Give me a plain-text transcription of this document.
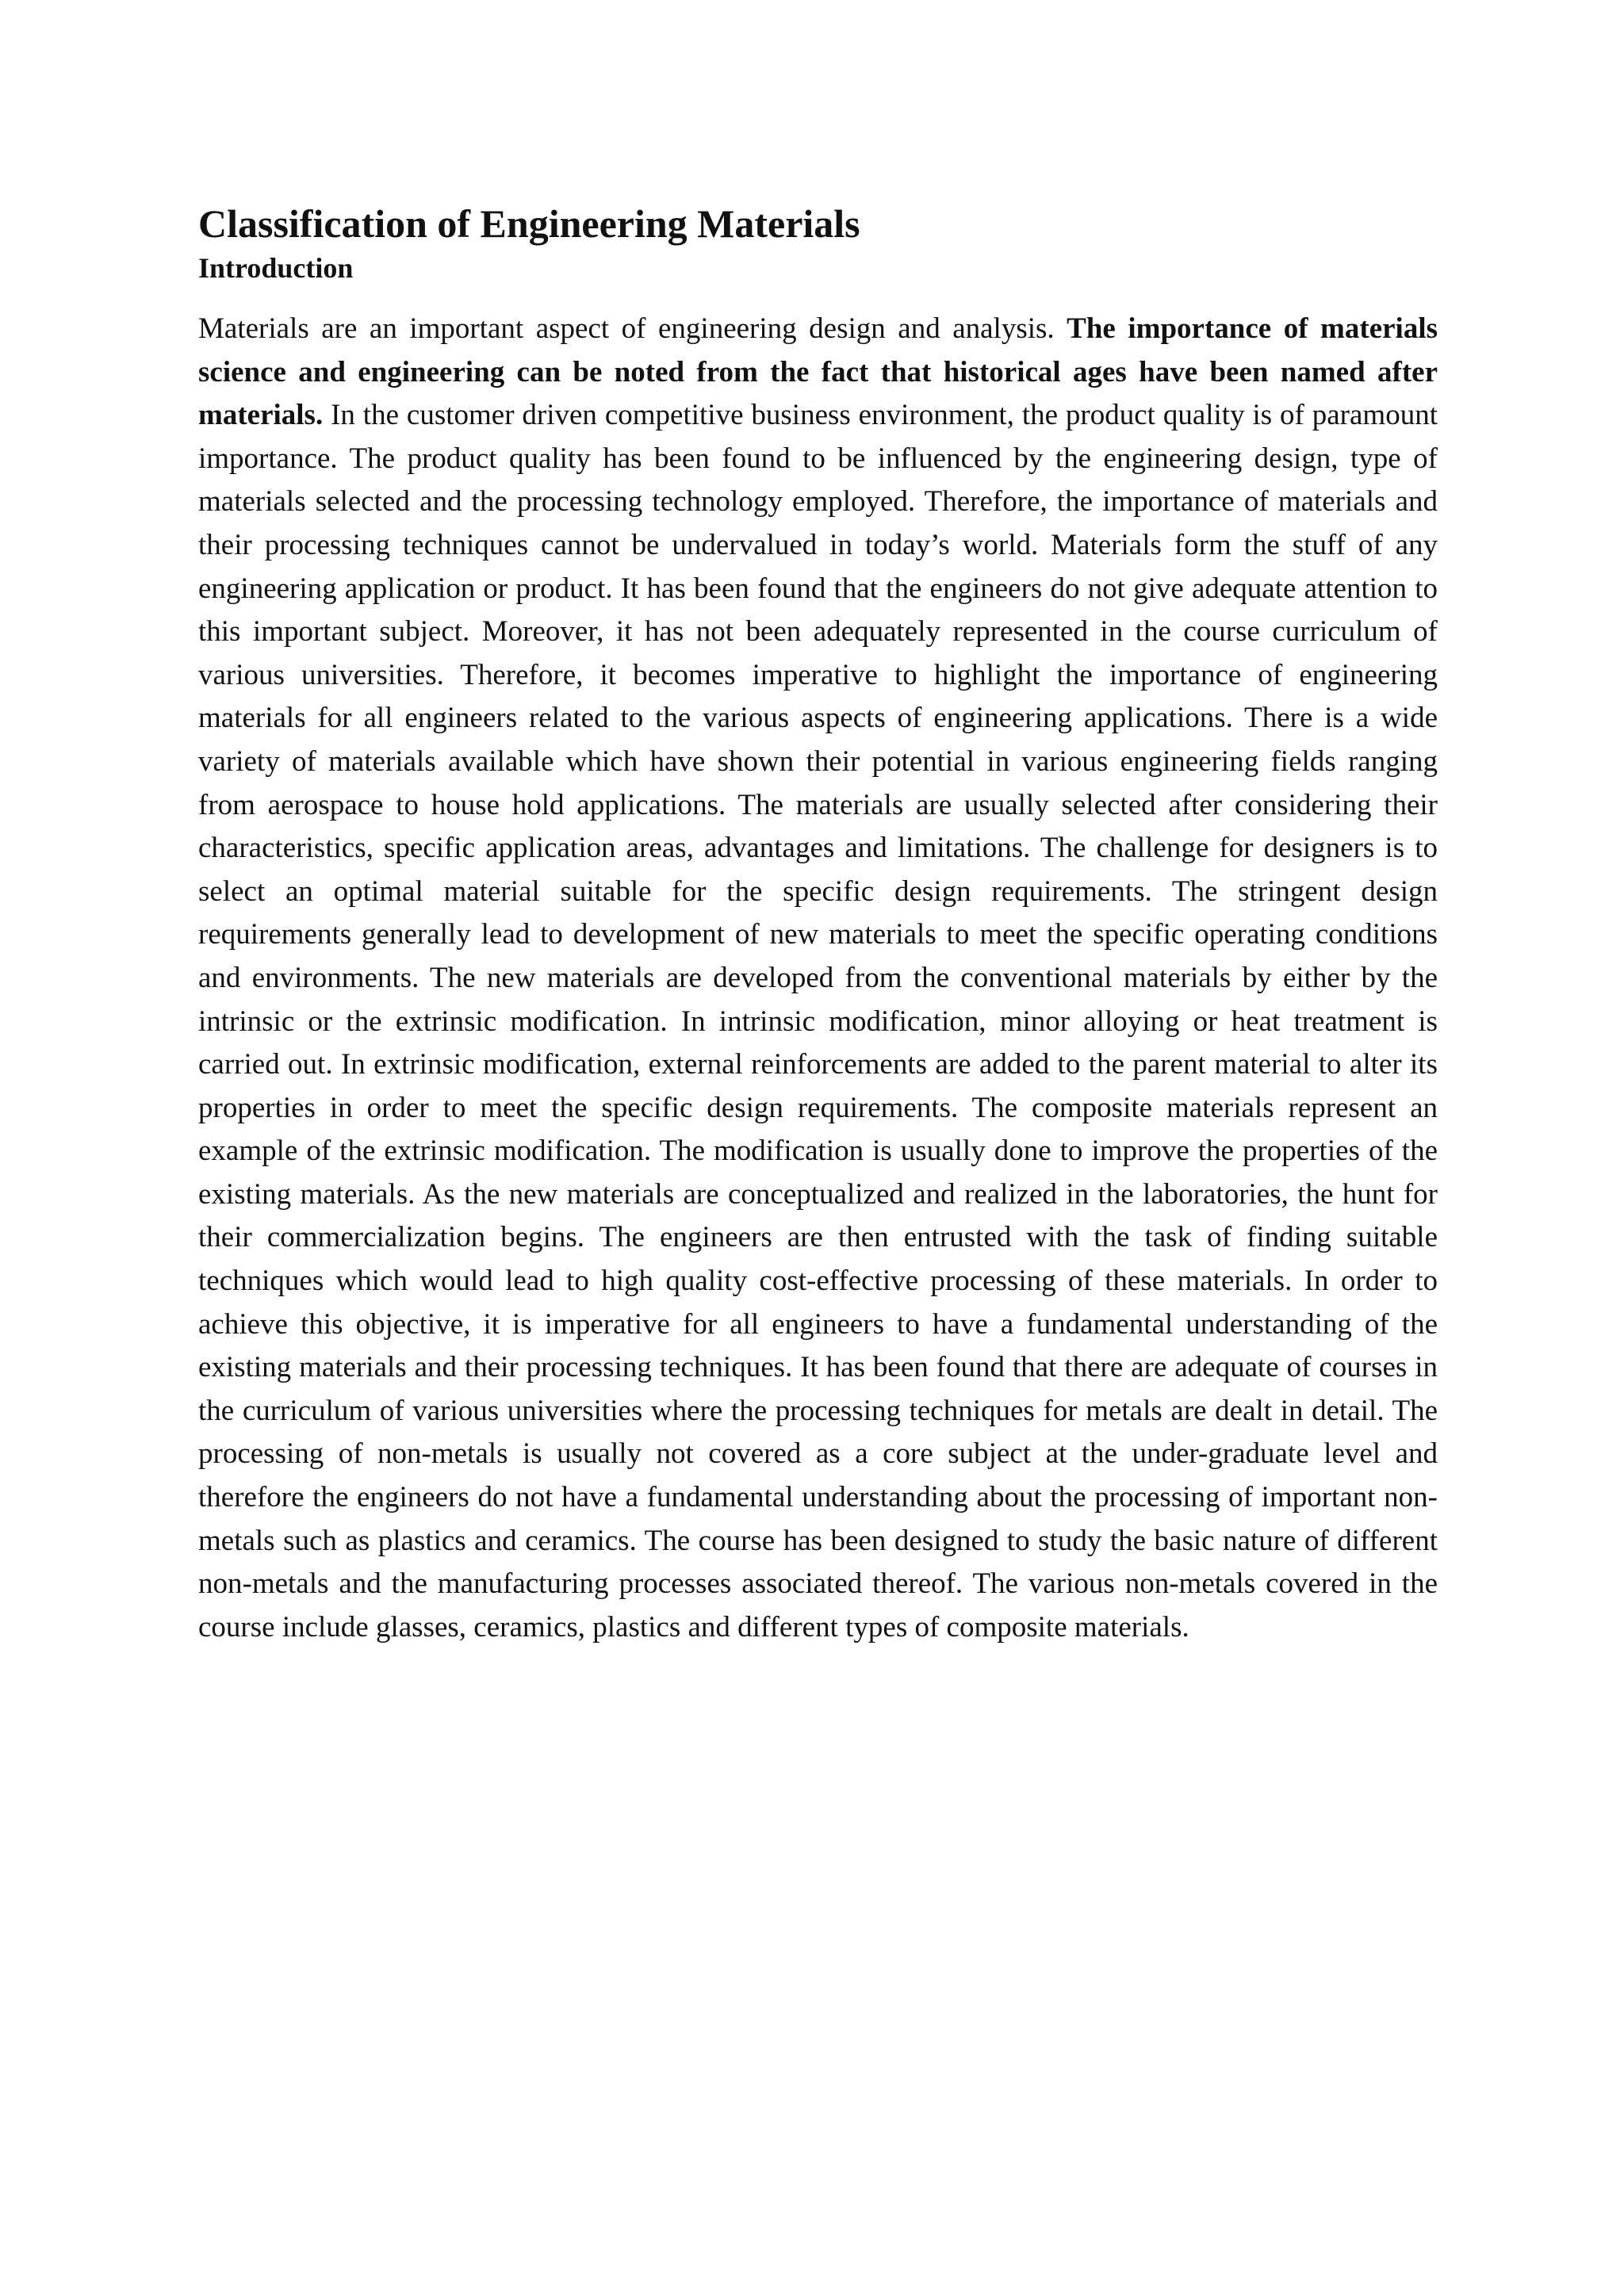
Classification of Engineering Materials
Introduction

Materials are an important aspect of engineering design and analysis. The importance of materials science and engineering can be noted from the fact that historical ages have been named after materials. In the customer driven competitive business environment, the product quality is of paramount importance. The product quality has been found to be influenced by the engineering design, type of materials selected and the processing technology employed. Therefore, the importance of materials and their processing techniques cannot be undervalued in today’s world. Materials form the stuff of any engineering application or product. It has been found that the engineers do not give adequate attention to this important subject. Moreover, it has not been adequately represented in the course curriculum of various universities. Therefore, it becomes imperative to highlight the importance of engineering materials for all engineers related to the various aspects of engineering applications. There is a wide variety of materials available which have shown their potential in various engineering fields ranging from aerospace to house hold applications. The materials are usually selected after considering their characteristics, specific application areas, advantages and limitations. The challenge for designers is to select an optimal material suitable for the specific design requirements. The stringent design requirements generally lead to development of new materials to meet the specific operating conditions and environments. The new materials are developed from the conventional materials by either by the intrinsic or the extrinsic modification. In intrinsic modification, minor alloying or heat treatment is carried out. In extrinsic modification, external reinforcements are added to the parent material to alter its properties in order to meet the specific design requirements. The composite materials represent an example of the extrinsic modification. The modification is usually done to improve the properties of the existing materials. As the new materials are conceptualized and realized in the laboratories, the hunt for their commercialization begins. The engineers are then entrusted with the task of finding suitable techniques which would lead to high quality cost-effective processing of these materials. In order to achieve this objective, it is imperative for all engineers to have a fundamental understanding of the existing materials and their processing techniques. It has been found that there are adequate of courses in the curriculum of various universities where the processing techniques for metals are dealt in detail. The processing of non-metals is usually not covered as a core subject at the under-graduate level and therefore the engineers do not have a fundamental understanding about the processing of important non-metals such as plastics and ceramics. The course has been designed to study the basic nature of different non-metals and the manufacturing processes associated thereof. The various non-metals covered in the course include glasses, ceramics, plastics and different types of composite materials.
